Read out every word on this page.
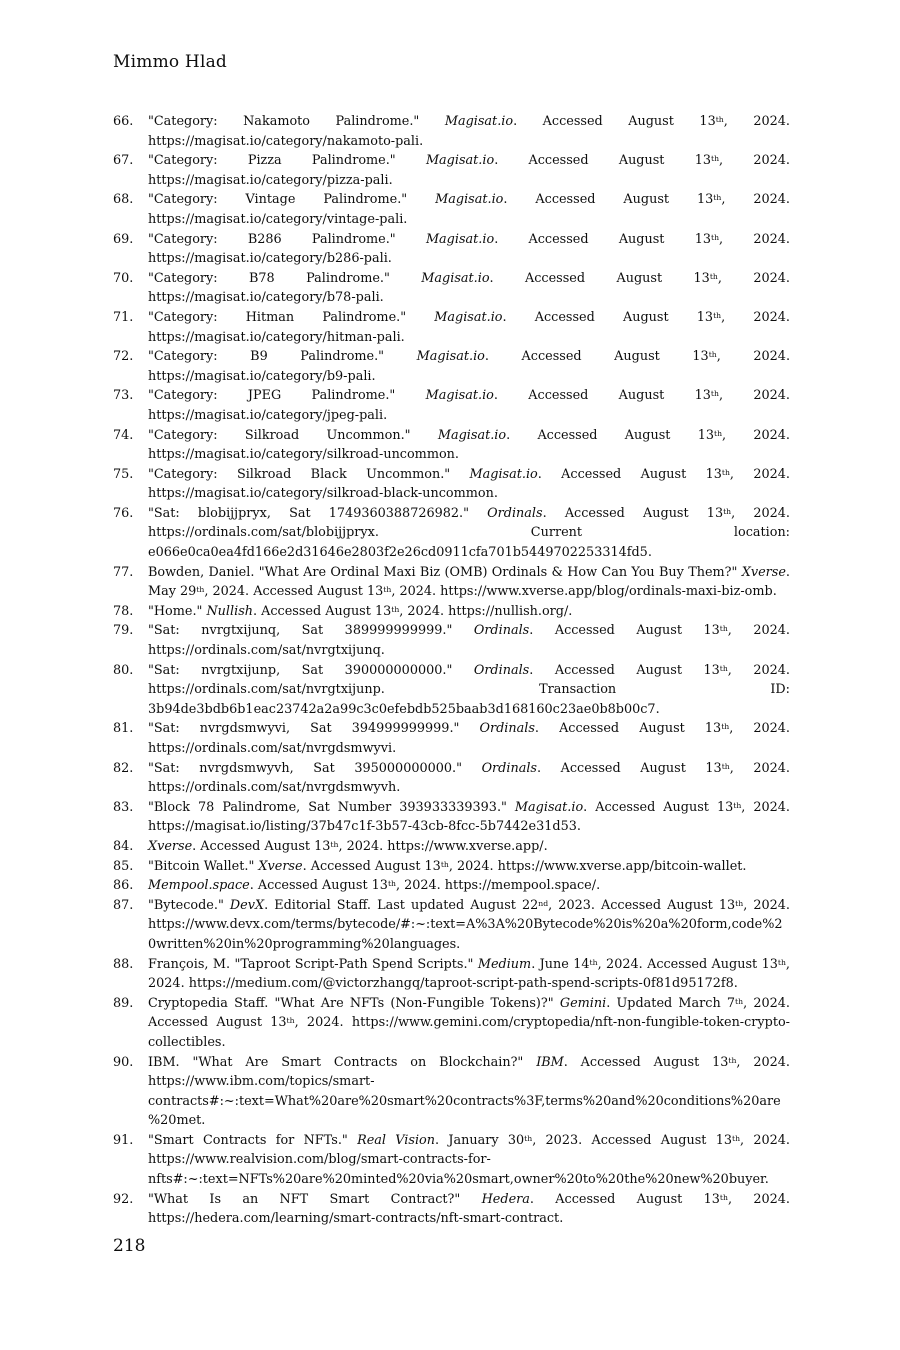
Mimmo Hlad
66. "Category: Nakamoto Palindrome." Magisat.io. Accessed August 13th, 2024. https://magisat.io/category/nakamoto-pali.
67. "Category: Pizza Palindrome." Magisat.io. Accessed August 13th, 2024. https://magisat.io/category/pizza-pali.
68. "Category: Vintage Palindrome." Magisat.io. Accessed August 13th, 2024. https://magisat.io/category/vintage-pali.
69. "Category: B286 Palindrome." Magisat.io. Accessed August 13th, 2024. https://magisat.io/category/b286-pali.
70. "Category: B78 Palindrome." Magisat.io. Accessed August 13th, 2024. https://magisat.io/category/b78-pali.
71. "Category: Hitman Palindrome." Magisat.io. Accessed August 13th, 2024. https://magisat.io/category/hitman-pali.
72. "Category: B9 Palindrome." Magisat.io. Accessed August 13th, 2024. https://magisat.io/category/b9-pali.
73. "Category: JPEG Palindrome." Magisat.io. Accessed August 13th, 2024. https://magisat.io/category/jpeg-pali.
74. "Category: Silkroad Uncommon." Magisat.io. Accessed August 13th, 2024. https://magisat.io/category/silkroad-uncommon.
75. "Category: Silkroad Black Uncommon." Magisat.io. Accessed August 13th, 2024. https://magisat.io/category/silkroad-black-uncommon.
76. "Sat: blobijjpryx, Sat 1749360388726982." Ordinals. Accessed August 13th, 2024. https://ordinals.com/sat/blobijjpryx. Current location: e066e0ca0ea4fd166e2d31646e2803f2e26cd0911cfa701b5449702253314fd5.
77. Bowden, Daniel. "What Are Ordinal Maxi Biz (OMB) Ordinals & How Can You Buy Them?" Xverse. May 29th, 2024. Accessed August 13th, 2024. https://www.xverse.app/blog/ordinals-maxi-biz-omb.
78. "Home." Nullish. Accessed August 13th, 2024. https://nullish.org/.
79. "Sat: nvrgtxijunq, Sat 389999999999." Ordinals. Accessed August 13th, 2024. https://ordinals.com/sat/nvrgtxijunq.
80. "Sat: nvrgtxijunp, Sat 390000000000." Ordinals. Accessed August 13th, 2024. https://ordinals.com/sat/nvrgtxijunp. Transaction ID: 3b94de3bdb6b1eac23742a2a99c3c0efebdb525baab3d168160c23ae0b8b00c7.
81. "Sat: nvrgdsmwyvi, Sat 394999999999." Ordinals. Accessed August 13th, 2024. https://ordinals.com/sat/nvrgdsmwyvi.
82. "Sat: nvrgdsmwyvh, Sat 395000000000." Ordinals. Accessed August 13th, 2024. https://ordinals.com/sat/nvrgdsmwyvh.
83. "Block 78 Palindrome, Sat Number 393933339393." Magisat.io. Accessed August 13th, 2024. https://magisat.io/listing/37b47c1f-3b57-43cb-8fcc-5b7442e31d53.
84. Xverse. Accessed August 13th, 2024. https://www.xverse.app/.
85. "Bitcoin Wallet." Xverse. Accessed August 13th, 2024. https://www.xverse.app/bitcoin-wallet.
86. Mempool.space. Accessed August 13th, 2024. https://mempool.space/.
87. "Bytecode." DevX. Editorial Staff. Last updated August 22nd, 2023. Accessed August 13th, 2024. https://www.devx.com/terms/bytecode/#:~:text=A%3A%20Bytecode%20is%20a%20form,code%20written%20in%20programming%20languages.
88. François, M. "Taproot Script-Path Spend Scripts." Medium. June 14th, 2024. Accessed August 13th, 2024. https://medium.com/@victorzhangq/taproot-script-path-spend-scripts-0f81d95172f8.
89. Cryptopedia Staff. "What Are NFTs (Non-Fungible Tokens)?" Gemini. Updated March 7th, 2024. Accessed August 13th, 2024. https://www.gemini.com/cryptopedia/nft-non-fungible-token-crypto-collectibles.
90. IBM. "What Are Smart Contracts on Blockchain?" IBM. Accessed August 13th, 2024. https://www.ibm.com/topics/smart-contracts#:~:text=What%20are%20smart%20contracts%3F,terms%20and%20conditions%20are%20met.
91. "Smart Contracts for NFTs." Real Vision. January 30th, 2023. Accessed August 13th, 2024. https://www.realvision.com/blog/smart-contracts-for-nfts#:~:text=NFTs%20are%20minted%20via%20smart,owner%20to%20the%20new%20buyer.
92. "What Is an NFT Smart Contract?" Hedera. Accessed August 13th, 2024. https://hedera.com/learning/smart-contracts/nft-smart-contract.
218
